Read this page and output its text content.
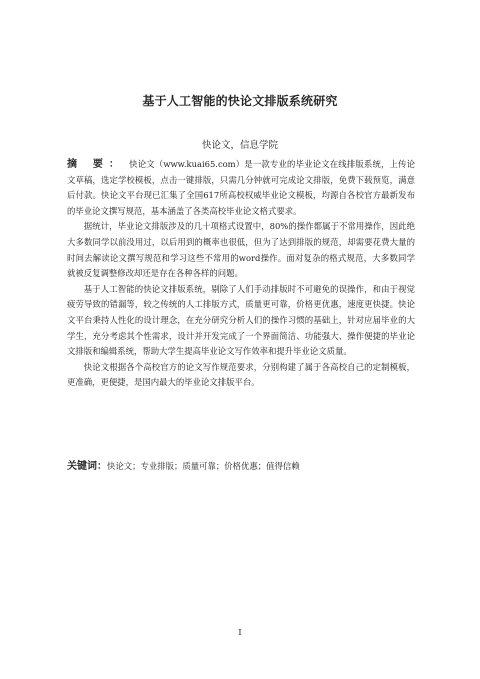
基于人工智能的快论文排版系统研究
快论文，信息学院

摘 要： 快论文（www.kuai65.com）是一款专业的毕业论文在线排版系统，上传论文草稿，选定学校模板，点击一键排版，只需几分钟就可完成论文排版，免费下载预览，满意后付款。快论文平台现已汇集了全国617所高校权威毕业论文模板，均源自各校官方最新发布的毕业论文撰写规范，基本涵盖了各类高校毕业论文格式要求。

据统计，毕业论文排版涉及的几十项格式设置中，80%的操作都属于不常用操作，因此绝大多数同学以前没用过，以后用到的概率也很低，但为了达到排版的规范，却需要花费大量的时间去解读论文撰写规范和学习这些不常用的word操作。面对复杂的格式规范，大多数同学就被反复调整修改却还是存在各种各样的问题。

基于人工智能的快论文排版系统，剔除了人们手动排版时不可避免的误操作，和由于视觉疲劳导致的错漏等，较之传统的人工排版方式，质量更可靠，价格更优惠，速度更快捷。快论文平台秉持人性化的设计理念，在充分研究分析人们的操作习惯的基础上，针对应届毕业的大学生，充分考虑其个性需求，设计并开发完成了一个界面简洁、功能强大、操作便捷的毕业论文排版和编辑系统，帮助大学生提高毕业论文写作效率和提升毕业论文质量。

快论文根据各个高校官方的论文写作规范要求，分别构建了属于各高校自己的定制模板，更准确，更便捷，是国内最大的毕业论文排版平台。

关键词：快论文；专业排版；质量可靠；价格优惠；值得信赖
I
